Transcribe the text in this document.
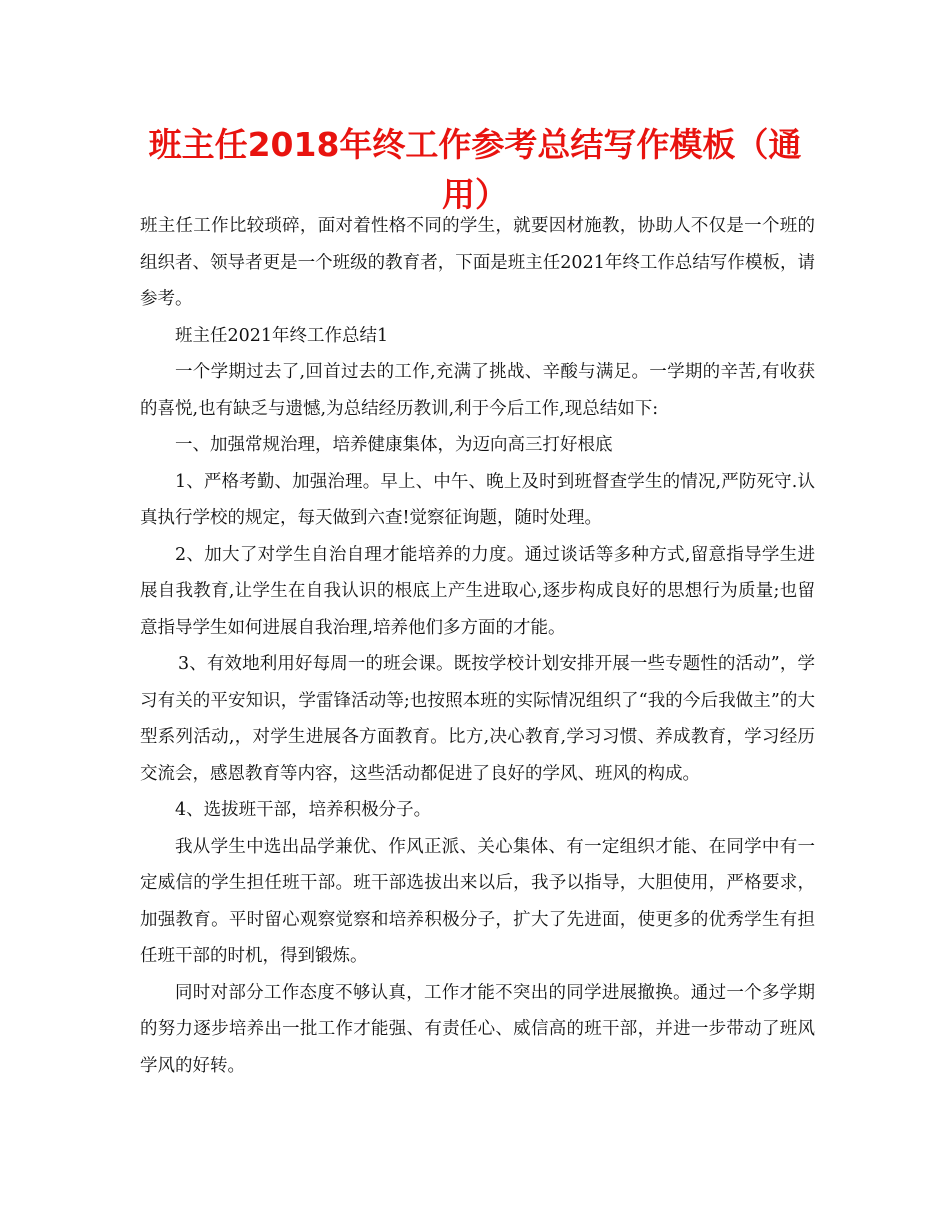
班主任2018年终工作参考总结写作模板（通用）

班主任工作比较琐碎，面对着性格不同的学生，就要因材施教，协助人不仅是一个班的组织者、领导者更是一个班级的教育者，下面是班主任2021年终工作总结写作模板，请参考。

班主任2021年终工作总结1

一个学期过去了,回首过去的工作,充满了挑战、辛酸与满足。一学期的辛苦,有收获的喜悦,也有缺乏与遗憾,为总结经历教训,利于今后工作,现总结如下:

一、加强常规治理，培养健康集体，为迈向高三打好根底

1、严格考勤、加强治理。早上、中午、晚上及时到班督查学生的情况,严防死守.认真执行学校的规定，每天做到六查!觉察征询题，随时处理。

2、加大了对学生自治自理才能培养的力度。通过谈话等多种方式,留意指导学生进展自我教育,让学生在自我认识的根底上产生进取心,逐步构成良好的思想行为质量;也留意指导学生如何进展自我治理,培养他们多方面的才能。

3、有效地利用好每周一的班会课。既按学校计划安排开展一些专题性的活动”，学习有关的平安知识，学雷锋活动等;也按照本班的实际情况组织了“我的今后我做主”的大型系列活动,，对学生进展各方面教育。比方,决心教育,学习习惯、养成教育，学习经历交流会，感恩教育等内容，这些活动都促进了良好的学风、班风的构成。

4、选拔班干部，培养积极分子。

我从学生中选出品学兼优、作风正派、关心集体、有一定组织才能、在同学中有一定威信的学生担任班干部。班干部选拔出来以后，我予以指导，大胆使用，严格要求，加强教育。平时留心观察觉察和培养积极分子，扩大了先进面，使更多的优秀学生有担任班干部的时机，得到锻炼。

同时对部分工作态度不够认真，工作才能不突出的同学进展撤换。通过一个多学期的努力逐步培养出一批工作才能强、有责任心、威信高的班干部，并进一步带动了班风学风的好转。
